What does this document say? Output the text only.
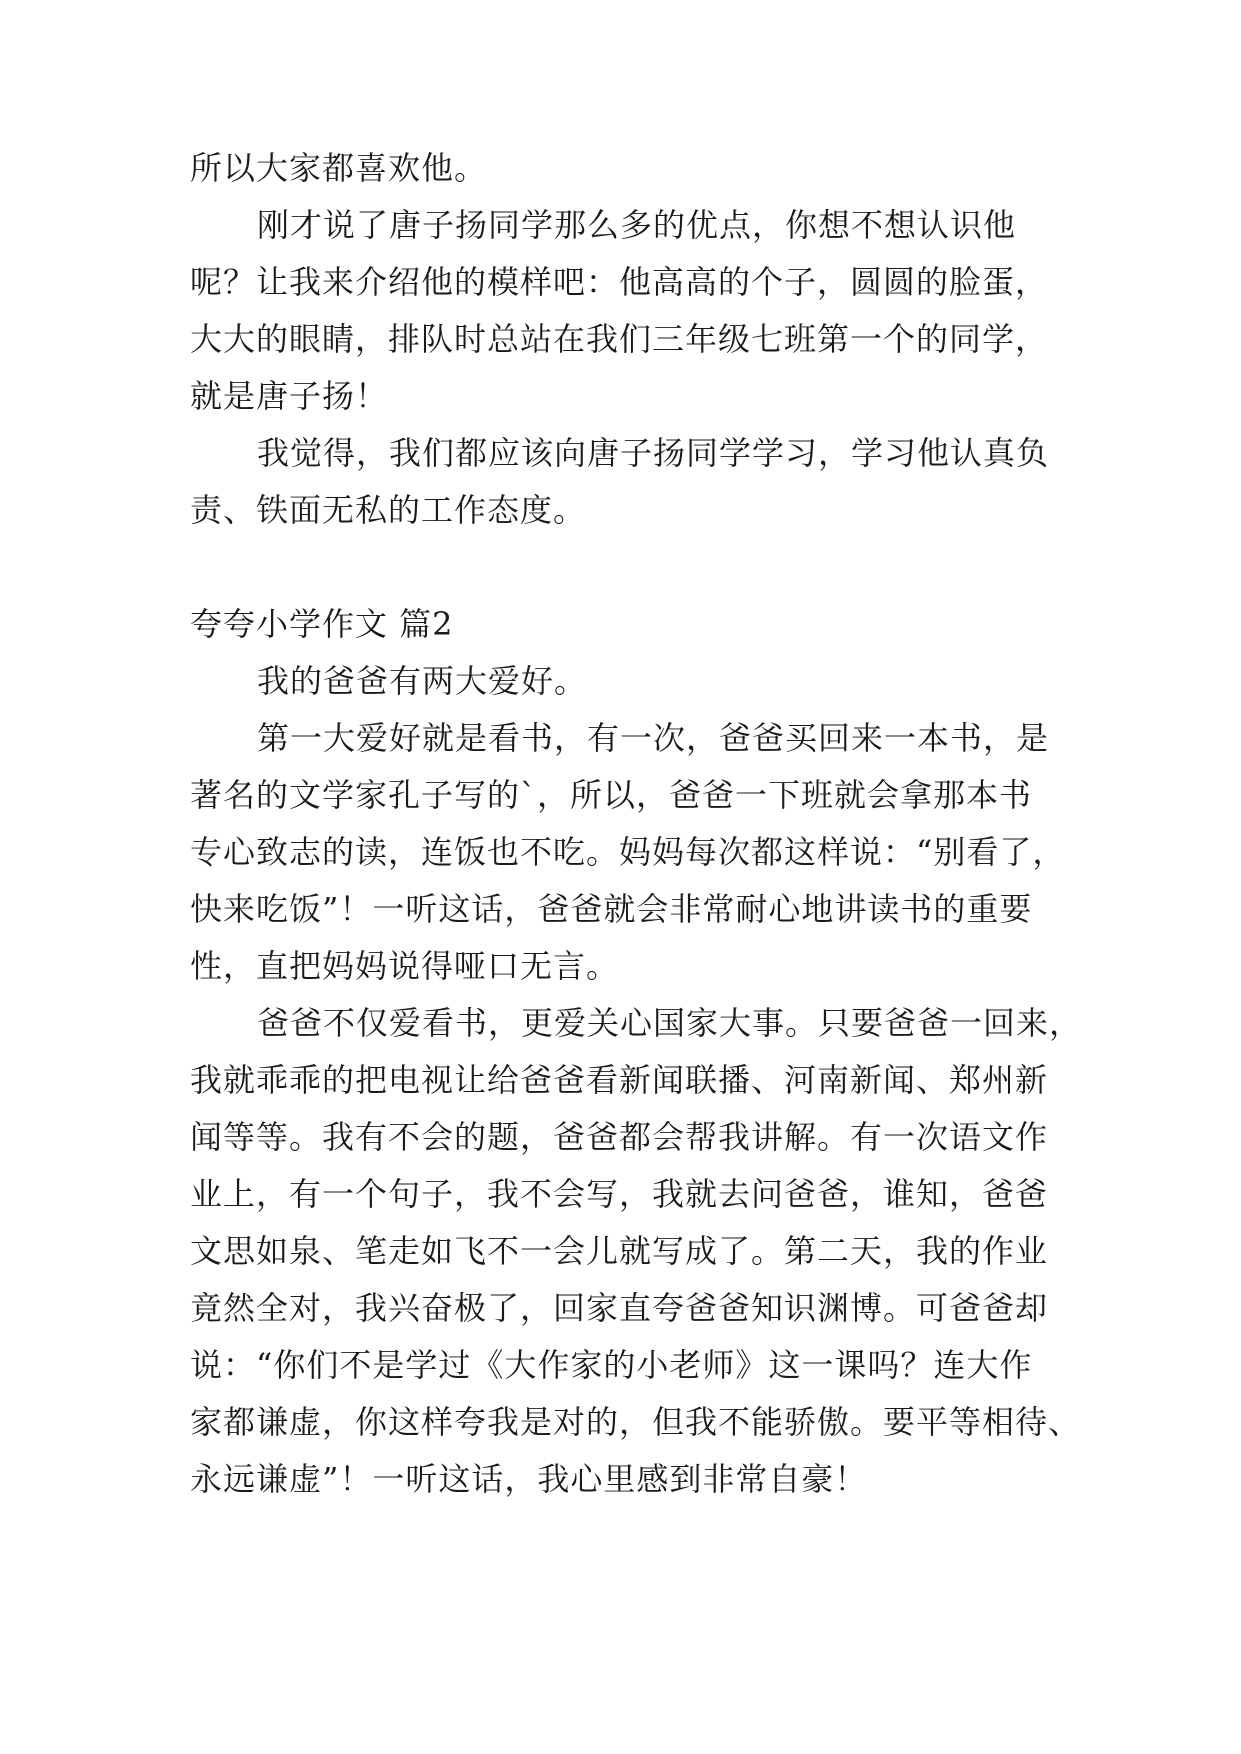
所以大家都喜欢他。
刚才说了唐子扬同学那么多的优点，你想不想认识他
呢？让我来介绍他的模样吧：他高高的个子，圆圆的脸蛋，
大大的眼睛，排队时总站在我们三年级七班第一个的同学，
就是唐子扬！
我觉得，我们都应该向唐子扬同学学习，学习他认真负
责、铁面无私的工作态度。
夸夸小学作文 篇2
我的爸爸有两大爱好。
第一大爱好就是看书，有一次，爸爸买回来一本书，是
著名的文学家孔子写的`，所以，爸爸一下班就会拿那本书
专心致志的读，连饭也不吃。妈妈每次都这样说：“别看了，
快来吃饭”！一听这话，爸爸就会非常耐心地讲读书的重要
性，直把妈妈说得哑口无言。
爸爸不仅爱看书，更爱关心国家大事。只要爸爸一回来，
我就乖乖的把电视让给爸爸看新闻联播、河南新闻、郑州新
闻等等。我有不会的题，爸爸都会帮我讲解。有一次语文作
业上，有一个句子，我不会写，我就去问爸爸，谁知，爸爸
文思如泉、笔走如飞不一会儿就写成了。第二天，我的作业
竟然全对，我兴奋极了，回家直夸爸爸知识渊博。可爸爸却
说：“你们不是学过《大作家的小老师》这一课吗？连大作
家都谦虚，你这样夸我是对的，但我不能骄傲。要平等相待、
永远谦虚”！一听这话，我心里感到非常自豪！
